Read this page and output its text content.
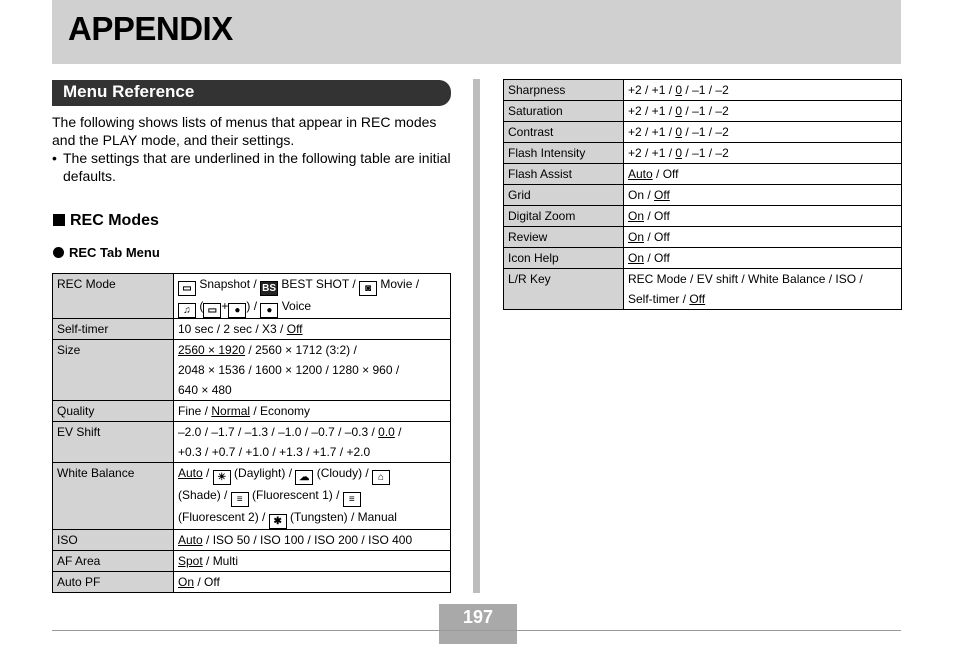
APPENDIX
Menu Reference

The following shows lists of menus that appear in REC modes and the PLAY mode, and their settings.

• The settings that are underlined in the following table are initial defaults.
REC Modes
REC Tab Menu
REC Mode	▭ Snapshot / BS BEST SHOT / ◙ Movie /
♫ ( ▭ + ● ) / ● Voice
Self-timer	10 sec / 2 sec / X3 / Off
Size	2560 × 1920 / 2560 × 1712 (3:2) /
2048 × 1536 / 1600 × 1200 / 1280 × 960 /
640 × 480
Quality	Fine / Normal / Economy
EV Shift	–2.0 / –1.7 / –1.3 / –1.0 / –0.7 / –0.3 / 0.0 /
+0.3 / +0.7 / +1.0 / +1.3 / +1.7 / +2.0
White Balance	Auto / ☀ (Daylight) / ☁ (Cloudy) / ⌂
(Shade) / ≡ (Fluorescent 1) / ≡
(Fluorescent 2) / ✱ (Tungsten) / Manual
ISO	Auto / ISO 50 / ISO 100 / ISO 200 / ISO 400
AF Area	Spot / Multi
Auto PF	On / Off
Sharpness	+2 / +1 / 0 / –1 / –2
Saturation	+2 / +1 / 0 / –1 / –2
Contrast	+2 / +1 / 0 / –1 / –2
Flash Intensity	+2 / +1 / 0 / –1 / –2
Flash Assist	Auto / Off
Grid	On / Off
Digital Zoom	On / Off
Review	On / Off
Icon Help	On / Off
L/R Key	REC Mode / EV shift / White Balance / ISO /
Self-timer / Off
197
